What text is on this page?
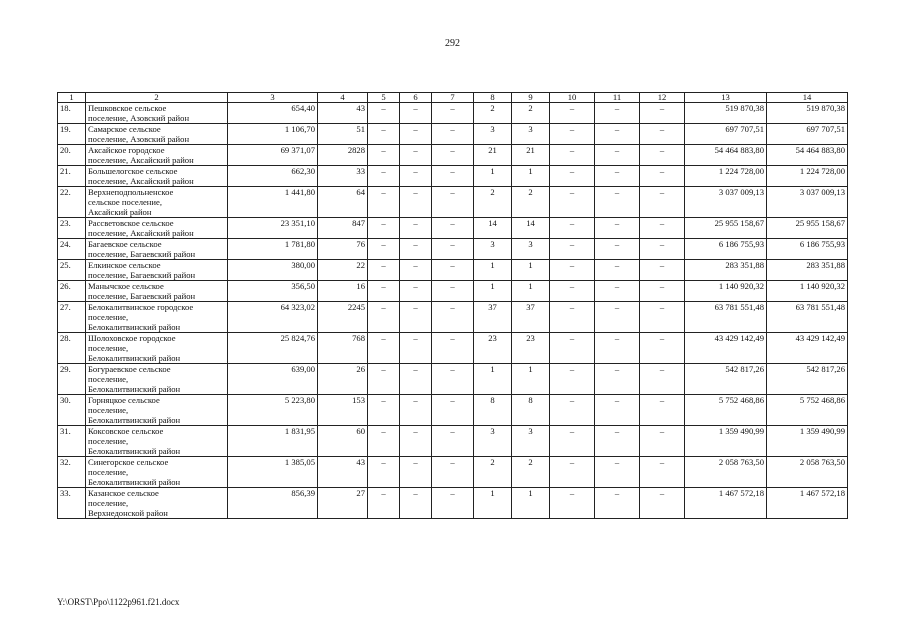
292
1	2	3	4	5	6	7	8	9	10	11	12	13	14
18.	Пешковское сельское
поселение, Азовский район	654,40	43	–	–	–	2	2	–	–	–	519 870,38	519 870,38
19.	Самарское сельское
поселение, Азовский район	1 106,70	51	–	–	–	3	3	–	–	–	697 707,51	697 707,51
20.	Аксайское городское
поселение, Аксайский район	69 371,07	2828	–	–	–	21	21	–	–	–	54 464 883,80	54 464 883,80
21.	Большелогское сельское
поселение, Аксайский район	662,30	33	–	–	–	1	1	–	–	–	1 224 728,00	1 224 728,00
22.	Верхнеподпольненское
сельское поселение,
Аксайский район	1 441,80	64	–	–	–	2	2	–	–	–	3 037 009,13	3 037 009,13
23.	Рассветовское сельское
поселение, Аксайский район	23 351,10	847	–	–	–	14	14	–	–	–	25 955 158,67	25 955 158,67
24.	Багаевское сельское
поселение, Багаевский район	1 781,80	76	–	–	–	3	3	–	–	–	6 186 755,93	6 186 755,93
25.	Елкинское сельское
поселение, Багаевский район	380,00	22	–	–	–	1	1	–	–	–	283 351,88	283 351,88
26.	Манычское сельское
поселение, Багаевский район	356,50	16	–	–	–	1	1	–	–	–	1 140 920,32	1 140 920,32
27.	Белокалитвинское городское
поселение,
Белокалитвинский район	64 323,02	2245	–	–	–	37	37	–	–	–	63 781 551,48	63 781 551,48
28.	Шолоховское городское
поселение,
Белокалитвинский район	25 824,76	768	–	–	–	23	23	–	–	–	43 429 142,49	43 429 142,49
29.	Богураевское сельское
поселение,
Белокалитвинский район	639,00	26	–	–	–	1	1	–	–	–	542 817,26	542 817,26
30.	Горняцкое сельское
поселение,
Белокалитвинский район	5 223,80	153	–	–	–	8	8	–	–	–	5 752 468,86	5 752 468,86
31.	Коксовское сельское
поселение,
Белокалитвинский район	1 831,95	60	–	–	–	3	3	–	–	–	1 359 490,99	1 359 490,99
32.	Синегорское сельское
поселение,
Белокалитвинский район	1 385,05	43	–	–	–	2	2	–	–	–	2 058 763,50	2 058 763,50
33.	Казанское сельское
поселение,
Верхнедонской район	856,39	27	–	–	–	1	1	–	–	–	1 467 572,18	1 467 572,18
Y:\ORST\Ppo\1122p961.f21.docx
